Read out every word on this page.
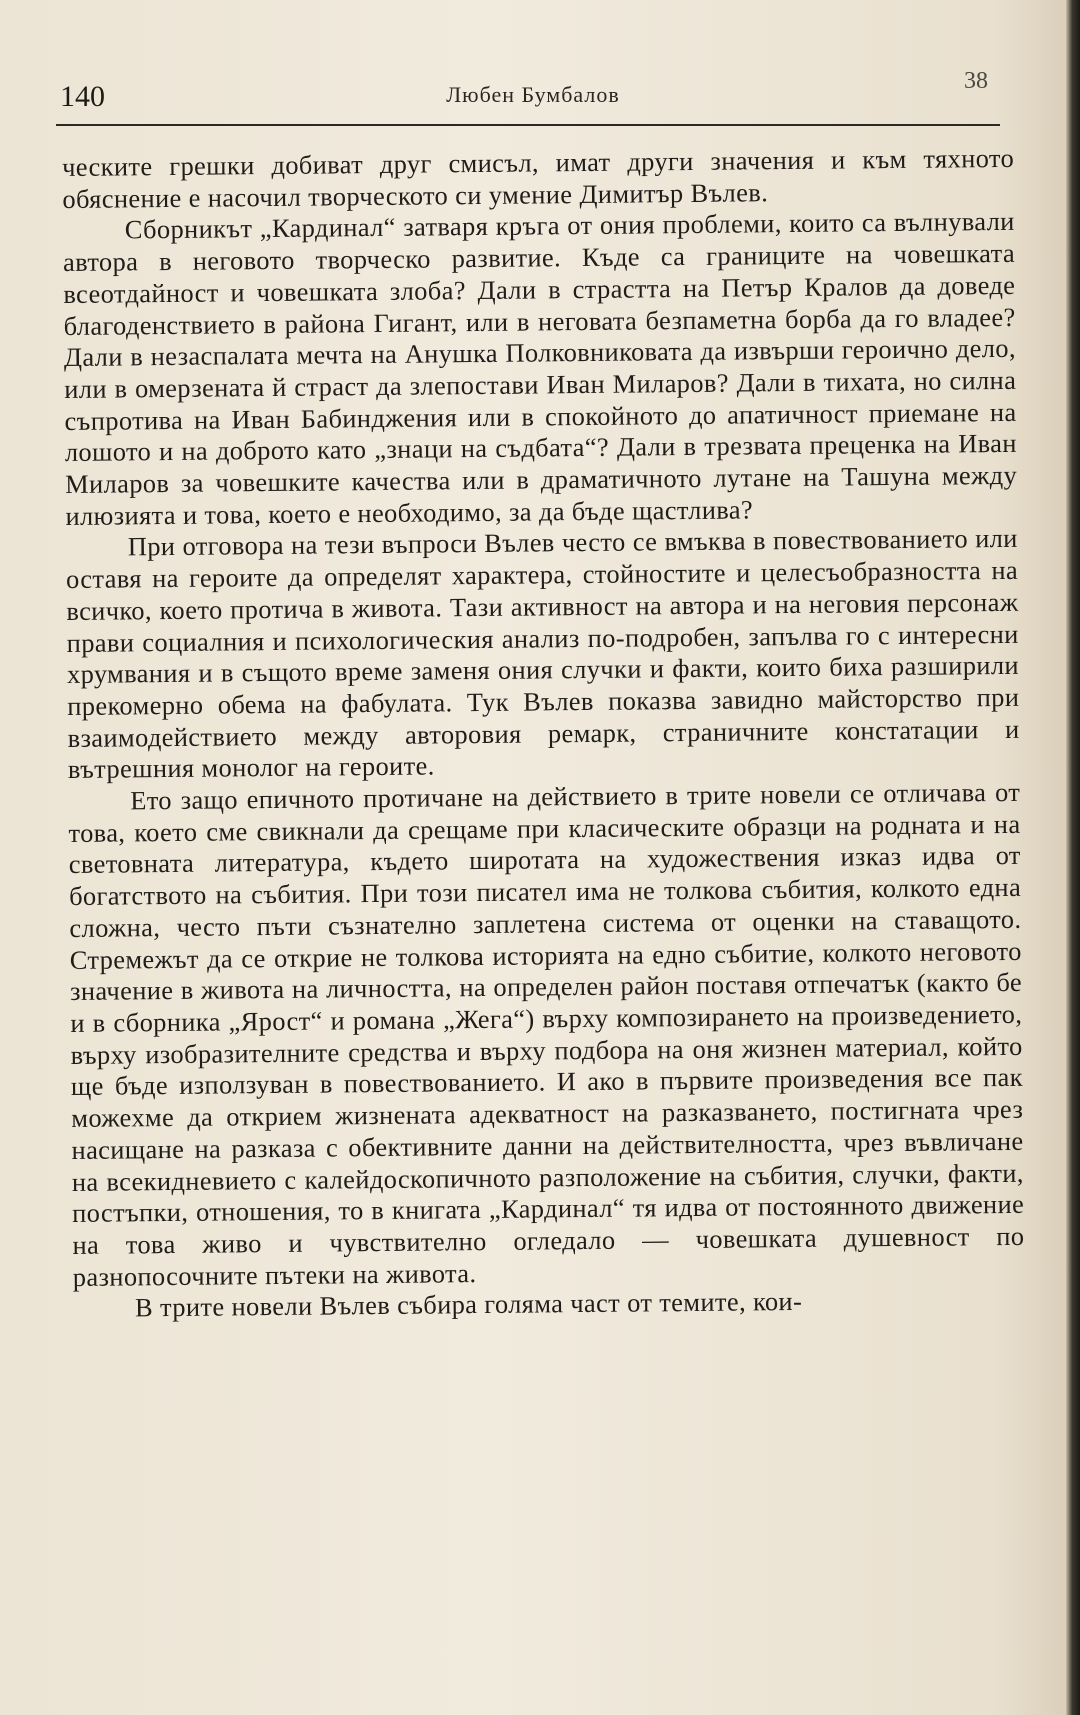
140	Любен Бумбалов
38

ческите грешки добиват друг смисъл, имат други значения и към тяхното обяснение е насочил творческото си умение Димитър Вълев.

Сборникът „Кардинал“ затваря кръга от ония проблеми, които са вълнували автора в неговото творческо развитие. Къде са границите на човешката всеотдайност и човешката злоба? Дали в страстта на Петър Кралов да доведе благоденствието в района Гигант, или в неговата безпаметна борба да го владее? Дали в незаспалата мечта на Анушка Полковниковата да извърши героично дело, или в омерзената й страст да злепостави Иван Миларов? Дали в тихата, но силна съпротива на Иван Бабинджения или в спокойното до апатичност приемане на лошото и на доброто като „знаци на съдбата“? Дали в трезвата преценка на Иван Миларов за човешките качества или в драматичното лутане на Ташуна между илюзията и това, което е необходимо, за да бъде щастлива?

При отговора на тези въпроси Вълев често се вмъква в повествованието или оставя на героите да определят характера, стойностите и целесъобразността на всичко, което протича в живота. Тази активност на автора и на неговия персонаж прави социалния и психологическия анализ по-подробен, запълва го с интересни хрумвания и в същото време заменя ония случки и факти, които биха разширили прекомерно обема на фабулата. Тук Вълев показва завидно майсторство при взаимодействието между авторовия ремарк, страничните констатации и вътрешния монолог на героите.

Ето защо епичното протичане на действието в трите новели се отличава от това, което сме свикнали да срещаме при класическите образци на родната и на световната литература, където широтата на художествения изказ идва от богатството на събития. При този писател има не толкова събития, колкото една сложна, често пъти съзнателно заплетена система от оценки на ставащото. Стремежът да се открие не толкова историята на едно събитие, колкото неговото значение в живота на личността, на определен район поставя отпечатък (както бе и в сборника „Ярост“ и романа „Жега“) върху композирането на произведението, върху изобразителните средства и върху подбора на оня жизнен материал, който ще бъде използуван в повествованието. И ако в първите произведения все пак можехме да открием жизнената адекватност на разказването, постигната чрез насищане на разказа с обективните данни на действителността, чрез въвличане на всекидневието с калейдоскопичното разположение на събития, случки, факти, постъпки, отношения, то в книгата „Кардинал“ тя идва от постоянното движение на това живо и чувствително огледало — човешката душевност по разнопосочните пътеки на живота.

В трите новели Вълев събира голяма част от темите, кои-
